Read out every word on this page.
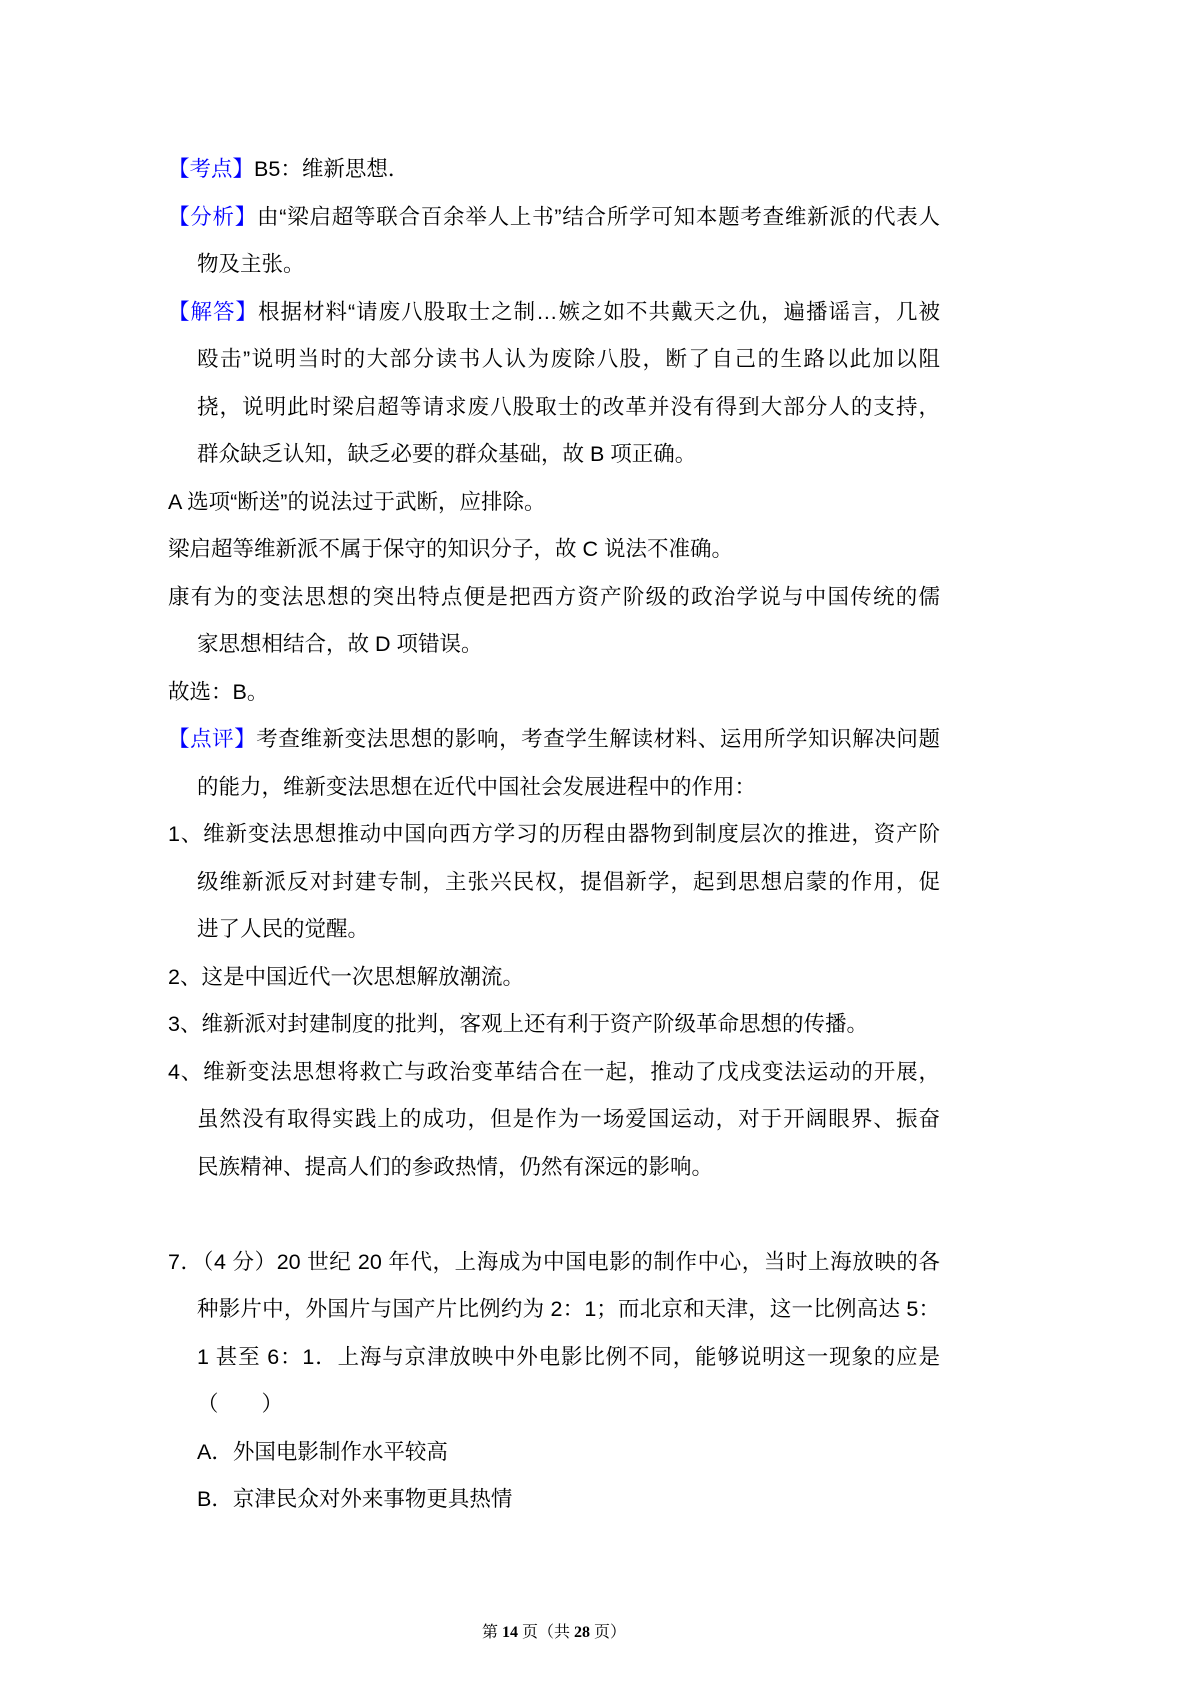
【考点】B5：维新思想．
【分析】由“梁启超等联合百余举人上书”结合所学可知本题考查维新派的代表人
物及主张。
【解答】根据材料“请废八股取士之制…嫉之如不共戴天之仇，遍播谣言，几被
殴击”说明当时的大部分读书人认为废除八股，断了自己的生路以此加以阻
挠，说明此时梁启超等请求废八股取士的改革并没有得到大部分人的支持，
群众缺乏认知，缺乏必要的群众基础，故 B 项正确。
A 选项“断送”的说法过于武断，应排除。
梁启超等维新派不属于保守的知识分子，故 C 说法不准确。
康有为的变法思想的突出特点便是把西方资产阶级的政治学说与中国传统的儒
家思想相结合，故 D 项错误。
故选：B。
【点评】考查维新变法思想的影响，考查学生解读材料、运用所学知识解决问题
的能力，维新变法思想在近代中国社会发展进程中的作用：
1、维新变法思想推动中国向西方学习的历程由器物到制度层次的推进，资产阶
级维新派反对封建专制，主张兴民权，提倡新学，起到思想启蒙的作用，促
进了人民的觉醒。
2、这是中国近代一次思想解放潮流。
3、维新派对封建制度的批判，客观上还有利于资产阶级革命思想的传播。
4、维新变法思想将救亡与政治变革结合在一起，推动了戊戌变法运动的开展，
虽然没有取得实践上的成功，但是作为一场爱国运动，对于开阔眼界、振奋
民族精神、提高人们的参政热情，仍然有深远的影响。
7．（4 分）20 世纪 20 年代，上海成为中国电影的制作中心，当时上海放映的各
种影片中，外国片与国产片比例约为 2：1；而北京和天津，这一比例高达 5：
1 甚至 6：1．上海与京津放映中外电影比例不同，能够说明这一现象的应是
（　　）
A．外国电影制作水平较高
B．京津民众对外来事物更具热情
第 14 页（共 28 页）
